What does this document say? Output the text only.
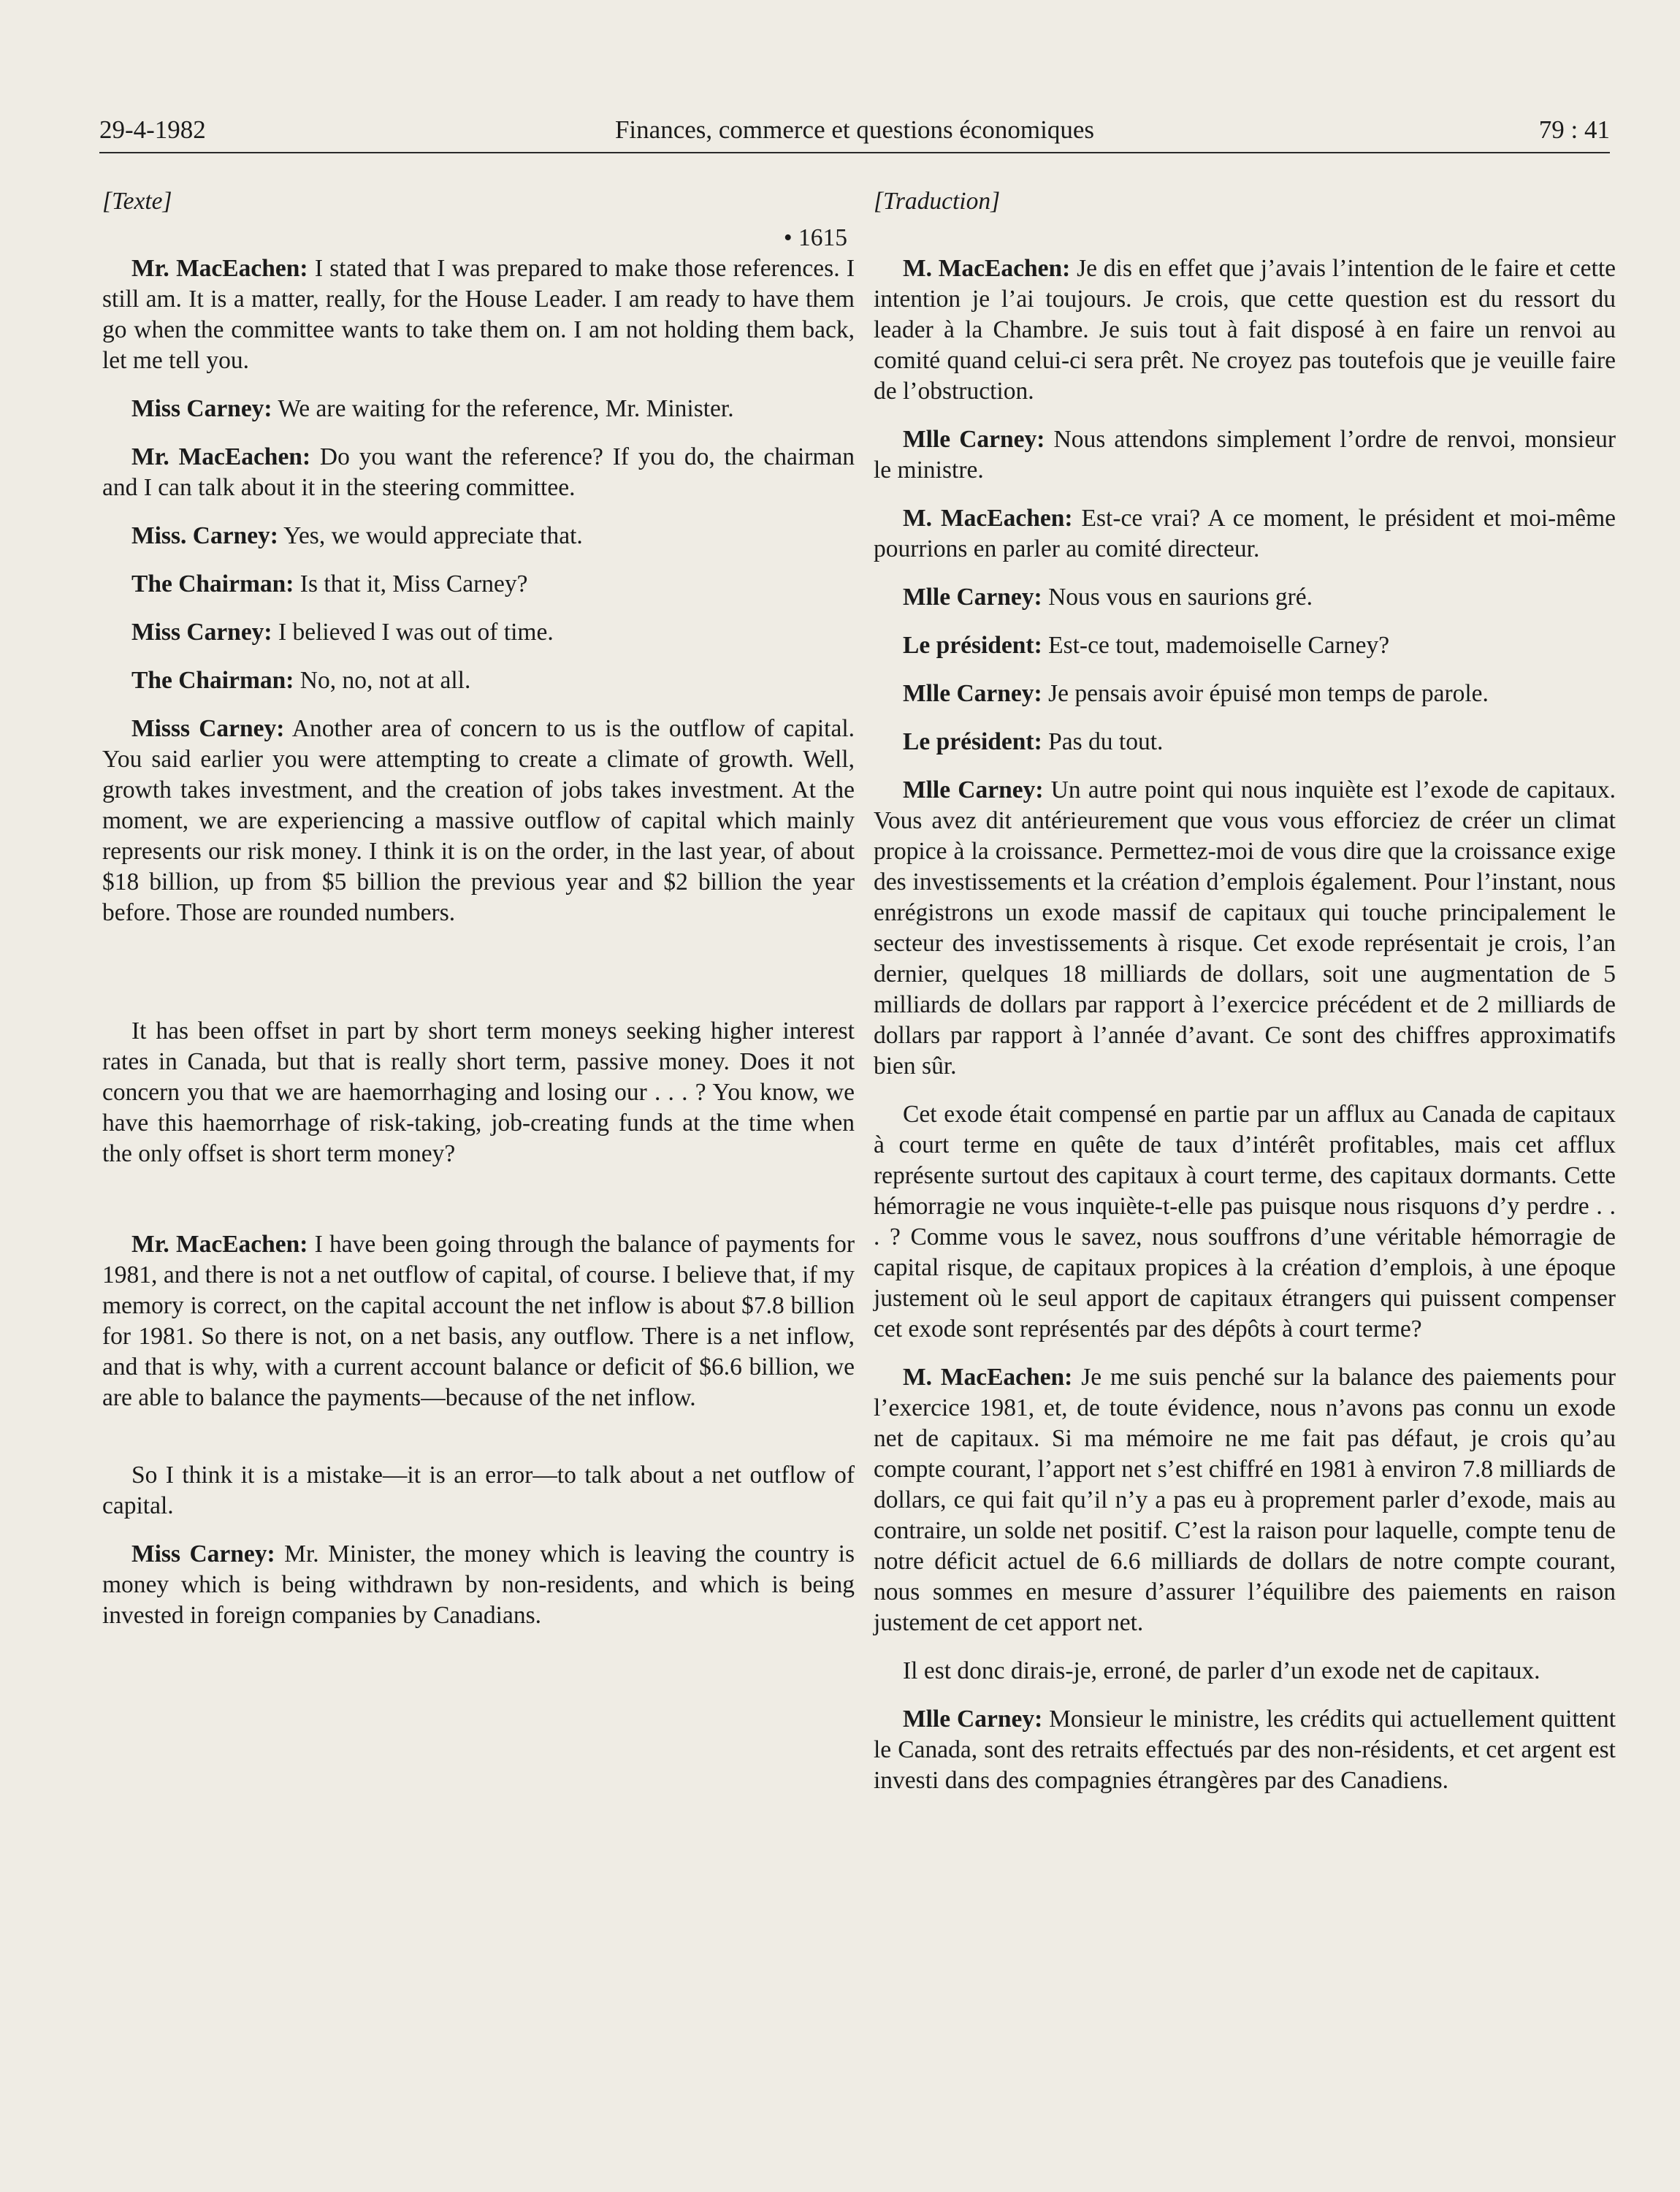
29-4-1982	Finances, commerce et questions économiques	79 : 41

[Texte]

• 1615

Mr. MacEachen: I stated that I was prepared to make those references. I still am. It is a matter, really, for the House Leader. I am ready to have them go when the committee wants to take them on. I am not holding them back, let me tell you.

Miss Carney: We are waiting for the reference, Mr. Minister.

Mr. MacEachen: Do you want the reference? If you do, the chairman and I can talk about it in the steering committee.

Miss. Carney: Yes, we would appreciate that.

The Chairman: Is that it, Miss Carney?

Miss Carney: I believed I was out of time.

The Chairman: No, no, not at all.

Misss Carney: Another area of concern to us is the outflow of capital. You said earlier you were attempting to create a climate of growth. Well, growth takes investment, and the creation of jobs takes investment. At the moment, we are experiencing a massive outflow of capital which mainly represents our risk money. I think it is on the order, in the last year, of about $18 billion, up from $5 billion the previous year and $2 billion the year before. Those are rounded numbers.

It has been offset in part by short term moneys seeking higher interest rates in Canada, but that is really short term, passive money. Does it not concern you that we are haemorrhaging and losing our . . . ? You know, we have this haemorrhage of risk-taking, job-creating funds at the time when the only offset is short term money?

Mr. MacEachen: I have been going through the balance of payments for 1981, and there is not a net outflow of capital, of course. I believe that, if my memory is correct, on the capital account the net inflow is about $7.8 billion for 1981. So there is not, on a net basis, any outflow. There is a net inflow, and that is why, with a current account balance or deficit of $6.6 billion, we are able to balance the payments—because of the net inflow.

So I think it is a mistake—it is an error—to talk about a net outflow of capital.

Miss Carney: Mr. Minister, the money which is leaving the country is money which is being withdrawn by non-residents, and which is being invested in foreign companies by Canadians.

[Traduction]

M. MacEachen: Je dis en effet que j’avais l’intention de le faire et cette intention je l’ai toujours. Je crois, que cette question est du ressort du leader à la Chambre. Je suis tout à fait disposé à en faire un renvoi au comité quand celui-ci sera prêt. Ne croyez pas toutefois que je veuille faire de l’obstruction.

Mlle Carney: Nous attendons simplement l’ordre de renvoi, monsieur le ministre.

M. MacEachen: Est-ce vrai? A ce moment, le président et moi-même pourrions en parler au comité directeur.

Mlle Carney: Nous vous en saurions gré.

Le président: Est-ce tout, mademoiselle Carney?

Mlle Carney: Je pensais avoir épuisé mon temps de parole.

Le président: Pas du tout.

Mlle Carney: Un autre point qui nous inquiète est l’exode de capitaux. Vous avez dit antérieurement que vous vous efforciez de créer un climat propice à la croissance. Permettez-moi de vous dire que la croissance exige des investissements et la création d’emplois également. Pour l’instant, nous enrégistrons un exode massif de capitaux qui touche principalement le secteur des investissements à risque. Cet exode représentait je crois, l’an dernier, quelques 18 milliards de dollars, soit une augmentation de 5 milliards de dollars par rapport à l’exercice précédent et de 2 milliards de dollars par rapport à l’année d’avant. Ce sont des chiffres approximatifs bien sûr.

Cet exode était compensé en partie par un afflux au Canada de capitaux à court terme en quête de taux d’intérêt profitables, mais cet afflux représente surtout des capitaux à court terme, des capitaux dormants. Cette hémorragie ne vous inquiète-t-elle pas puisque nous risquons d’y perdre . . . ? Comme vous le savez, nous souffrons d’une véritable hémorragie de capital risque, de capitaux propices à la création d’emplois, à une époque justement où le seul apport de capitaux étrangers qui puissent compenser cet exode sont représentés par des dépôts à court terme?

M. MacEachen: Je me suis penché sur la balance des paiements pour l’exercice 1981, et, de toute évidence, nous n’avons pas connu un exode net de capitaux. Si ma mémoire ne me fait pas défaut, je crois qu’au compte courant, l’apport net s’est chiffré en 1981 à environ 7.8 milliards de dollars, ce qui fait qu’il n’y a pas eu à proprement parler d’exode, mais au contraire, un solde net positif. C’est la raison pour laquelle, compte tenu de notre déficit actuel de 6.6 milliards de dollars de notre compte courant, nous sommes en mesure d’assurer l’équilibre des paiements en raison justement de cet apport net.

Il est donc dirais-je, erroné, de parler d’un exode net de capitaux.

Mlle Carney: Monsieur le ministre, les crédits qui actuellement quittent le Canada, sont des retraits effectués par des non-résidents, et cet argent est investi dans des compagnies étrangères par des Canadiens.
